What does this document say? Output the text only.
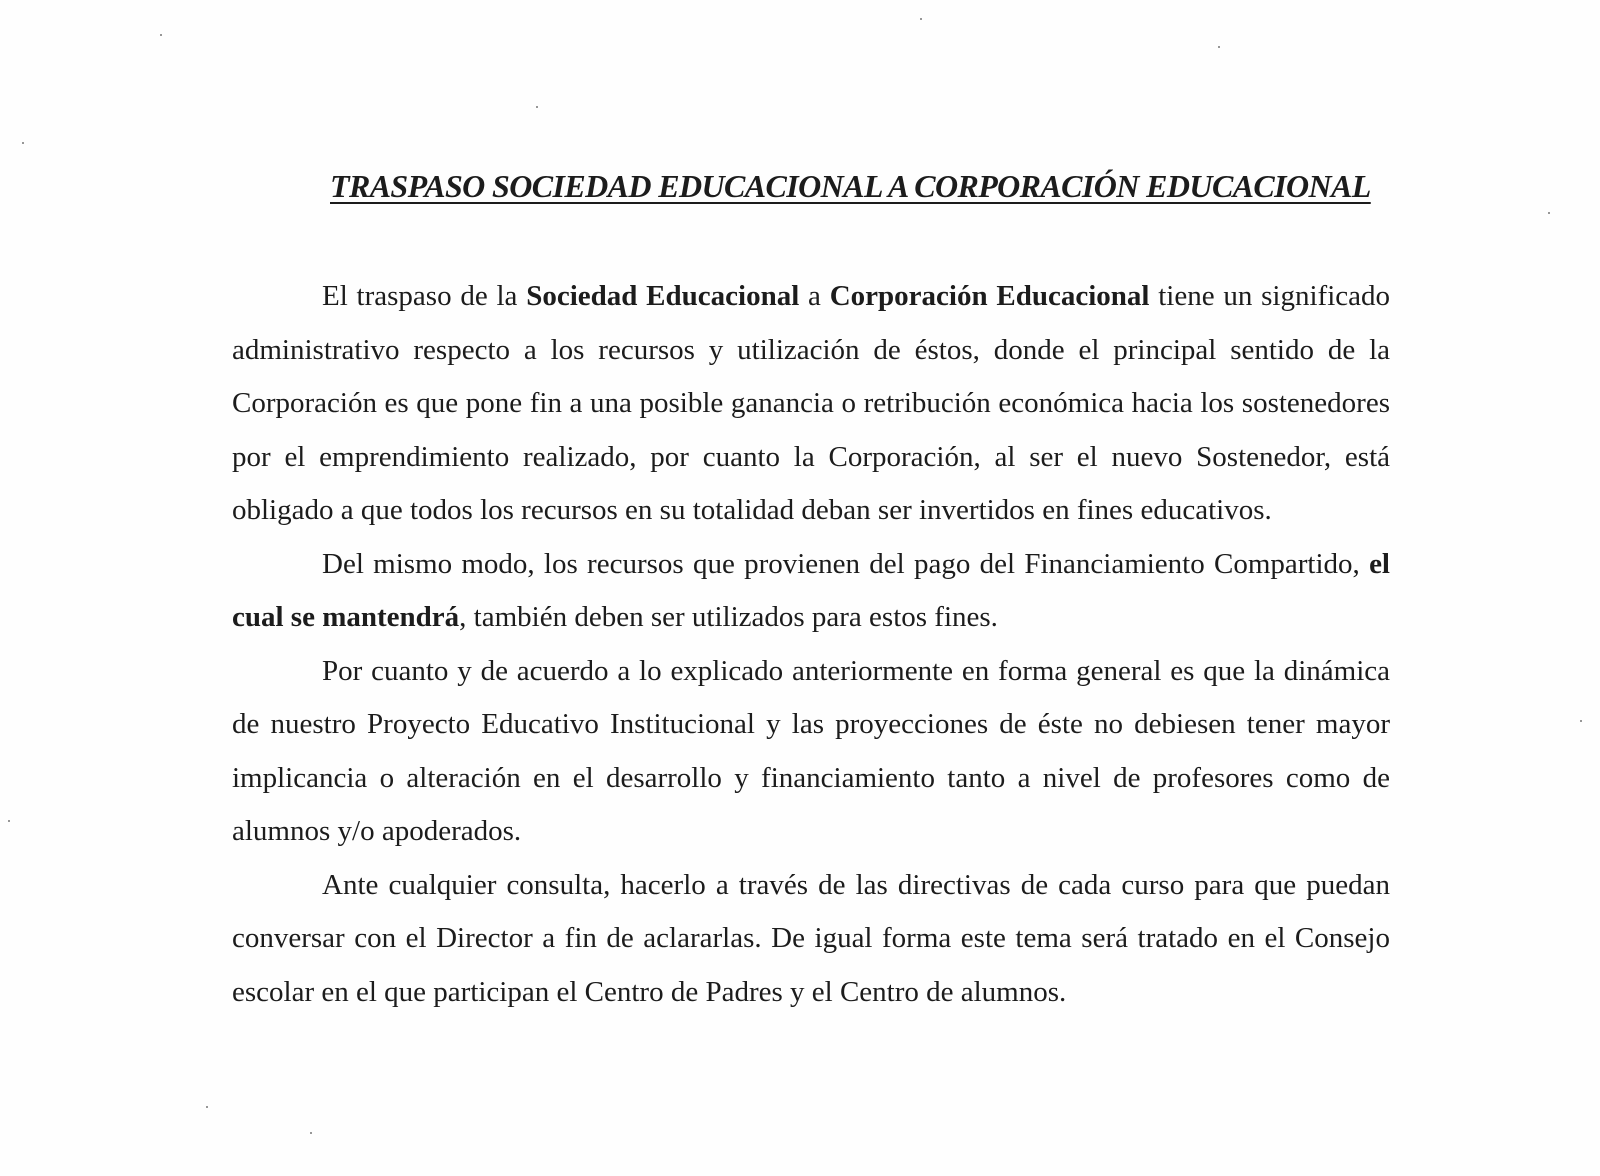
TRASPASO SOCIEDAD EDUCACIONAL A CORPORACIÓN EDUCACIONAL

El traspaso de la Sociedad Educacional a Corporación Educacional tiene un significado administrativo respecto a los recursos y utilización de éstos, donde el principal sentido de la Corporación es que pone fin a una posible ganancia o retribución económica hacia los sostenedores por el emprendimiento realizado, por cuanto la Corporación, al ser el nuevo Sostenedor, está obligado a que todos los recursos en su totalidad deban ser invertidos en fines educativos.

Del mismo modo, los recursos que provienen del pago del Financiamiento Compartido, el cual se mantendrá, también deben ser utilizados para estos fines.

Por cuanto y de acuerdo a lo explicado anteriormente en forma general es que la dinámica de nuestro Proyecto Educativo Institucional y las proyecciones de éste no debiesen tener mayor implicancia o alteración en el desarrollo y financiamiento tanto a nivel de profesores como de alumnos y/o apoderados.

Ante cualquier consulta, hacerlo a través de las directivas de cada curso para que puedan conversar con el Director a fin de aclararlas. De igual forma este tema será tratado en el Consejo escolar en el que participan el Centro de Padres y el Centro de alumnos.
